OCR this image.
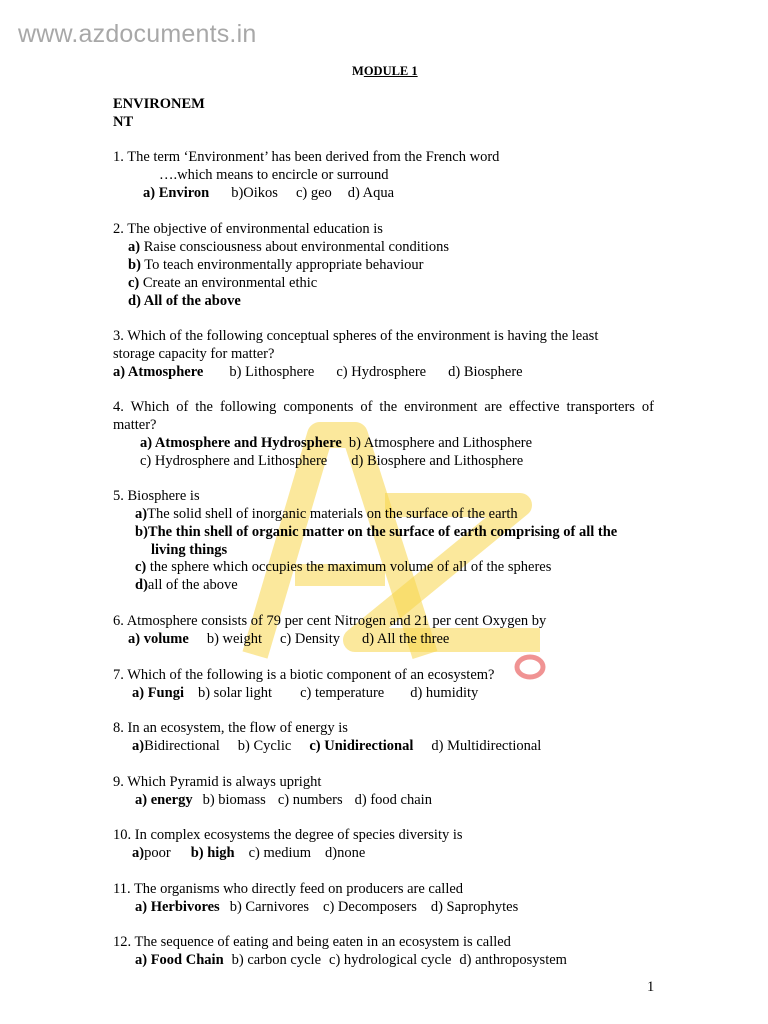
www.azdocuments.in
MODULE 1
ENVIRONEM
NT
1. The term ‘Environment’ has been derived from the French word
….which means to encircle or surround
a) Environ b)Oikos c) geo d) Aqua
2. The objective of environmental education is
a) Raise consciousness about environmental conditions
b) To teach environmentally appropriate behaviour
c) Create an environmental ethic
d) All of the above
3. Which of the following conceptual spheres of the environment is having the least
storage capacity for matter?
a) Atmosphere b) Lithosphere c) Hydrosphere d) Biosphere
4. Which of the following components of the environment are effective transporters of
matter?
a) Atmosphere and Hydrosphere b) Atmosphere and Lithosphere
c) Hydrosphere and Lithosphere d) Biosphere and Lithosphere
5. Biosphere is
a)The solid shell of inorganic materials on the surface of the earth
b)The thin shell of organic matter on the surface of earth comprising of all the
living things
c) the sphere which occupies the maximum volume of all of the spheres
d)all of the above
6. Atmosphere consists of 79 per cent Nitrogen and 21 per cent Oxygen by
a) volume b) weight c) Density d) All the three
7. Which of the following is a biotic component of an ecosystem?
a) Fungi b) solar light c) temperature d) humidity
8. In an ecosystem, the flow of energy is
a)Bidirectional b) Cyclic c) Unidirectional d) Multidirectional
9. Which Pyramid is always upright
a) energy b) biomass c) numbers d) food chain
10. In complex ecosystems the degree of species diversity is
a)poor b) high c) medium d)none
11. The organisms who directly feed on producers are called
a) Herbivores b) Carnivores c) Decomposers d) Saprophytes
12. The sequence of eating and being eaten in an ecosystem is called
a) Food Chain b) carbon cycle c) hydrological cycle d) anthroposystem
1
